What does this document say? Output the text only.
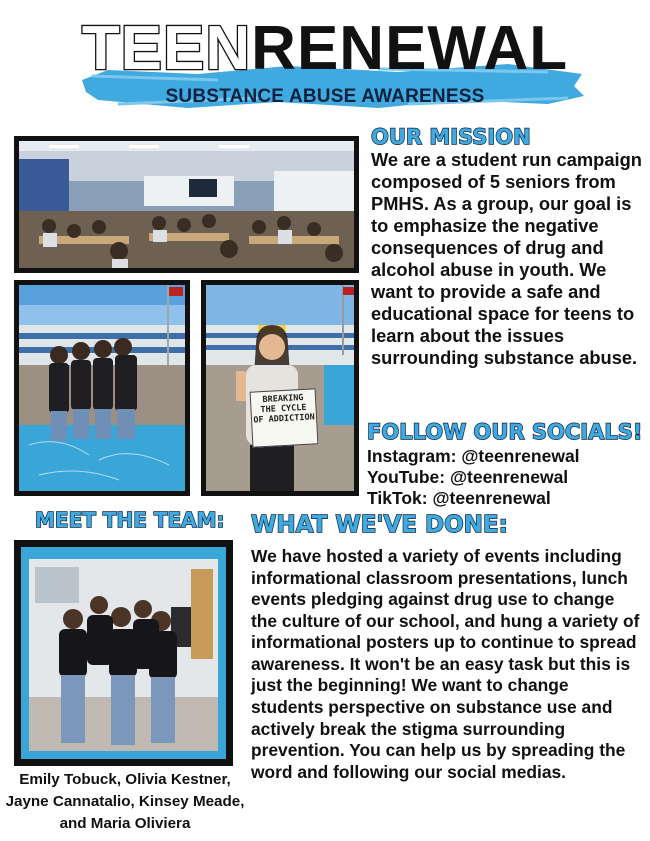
TEENRENEWAL
SUBSTANCE ABUSE AWARENESS
BREAKING
THE CYCLE
OF ADDICTION
OUR MISSION
FOLLOW OUR SOCIALS!
MEET THE TEAM: WHAT WE'VE DONE:
We are a student run campaign composed of 5 seniors from PMHS. As a group, our goal is to emphasize the negative consequences of drug and alcohol abuse in youth. We want to provide a safe and educational space for teens to learn about the issues surrounding substance abuse.
Instagram: @teenrenewal
YouTube: @teenrenewal
TikTok: @teenrenewal
We have hosted a variety of events including informational classroom presentations, lunch events pledging against drug use to change the culture of our school, and hung a variety of informational posters up to continue to spread awareness. It won't be an easy task but this is just the beginning! We want to change students perspective on substance use and actively break the stigma surrounding prevention. You can help us by spreading the word and following our social medias.
Emily Tobuck, Olivia Kestner, Jayne Cannatalio, Kinsey Meade, and Maria Oliviera
